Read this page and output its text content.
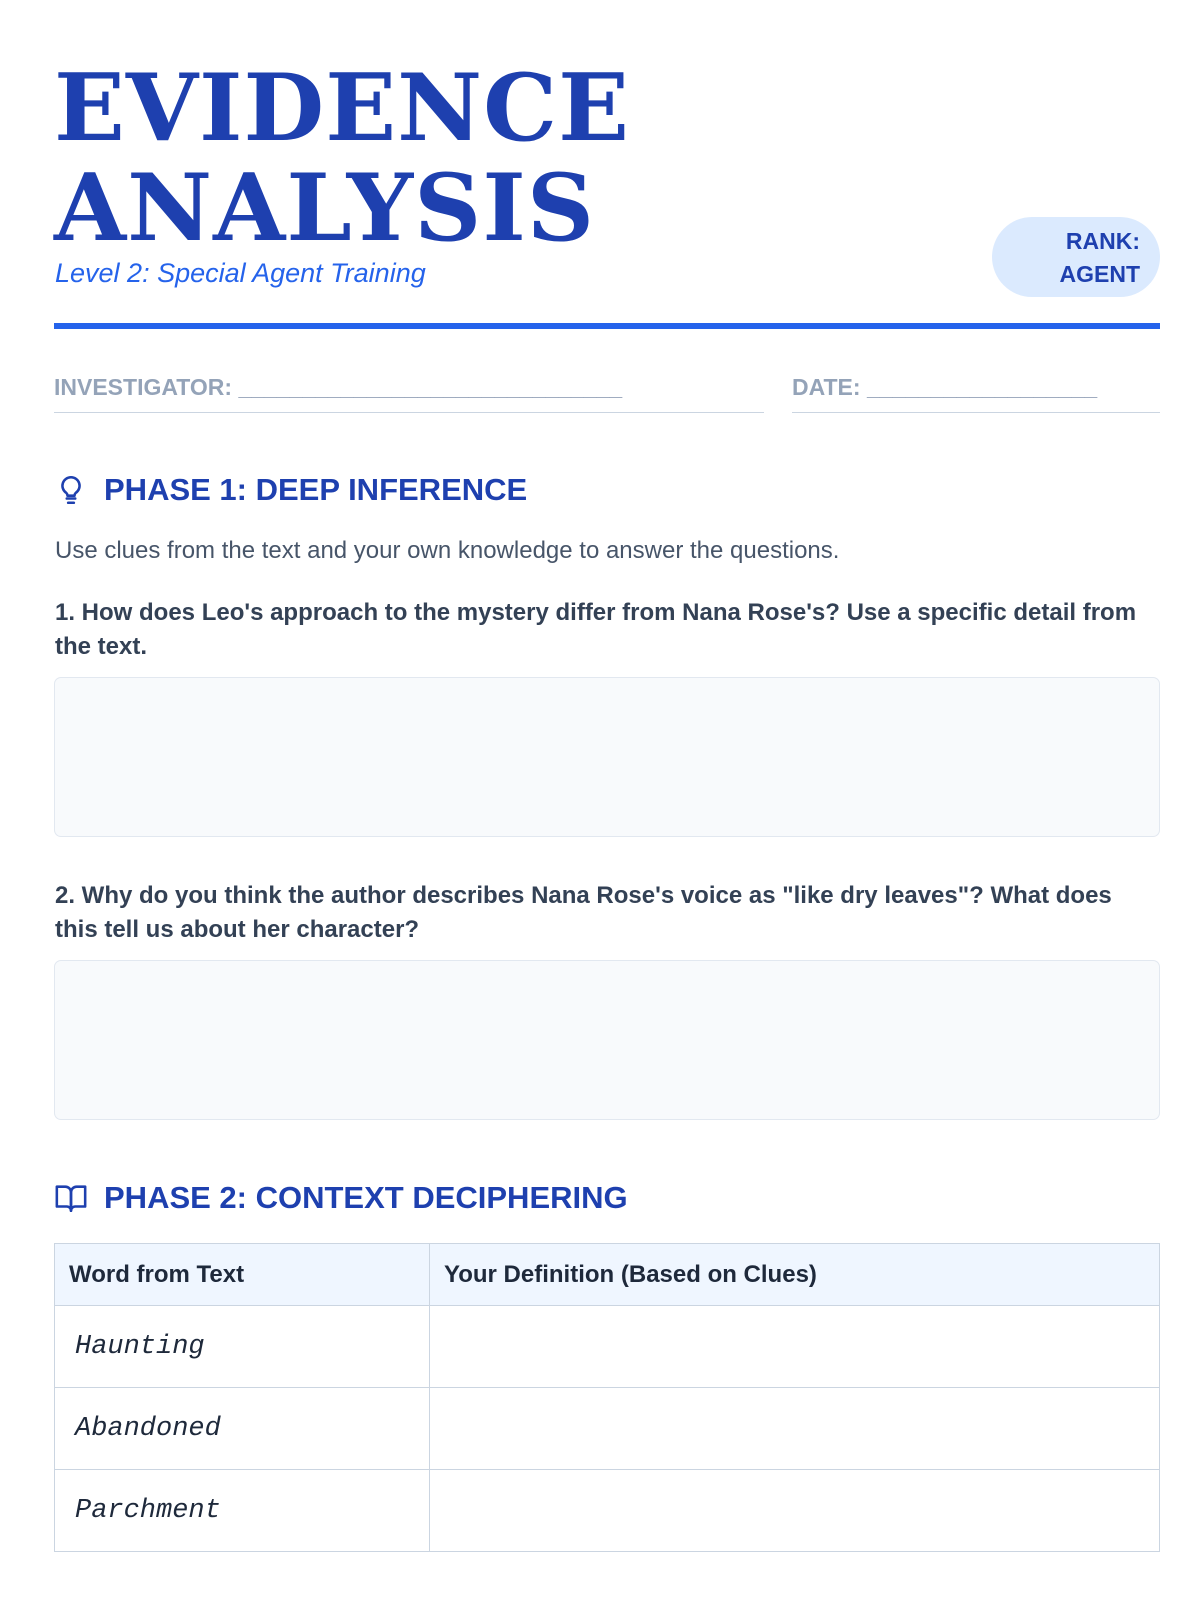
EVIDENCE
ANALYSIS
Level 2: Special Agent Training
RANK:
AGENT
INVESTIGATOR: ______________________________	DATE: __________________
PHASE 1: DEEP INFERENCE

Use clues from the text and your own knowledge to answer the questions.

1. How does Leo's approach to the mystery differ from Nana Rose's? Use a specific detail from the text.
2. Why do you think the author describes Nana Rose's voice as "like dry leaves"? What does this tell us about her character?
PHASE 2: CONTEXT DECIPHERING
Word from Text	Your Definition (Based on Clues)
Haunting	
Abandoned	
Parchment	
